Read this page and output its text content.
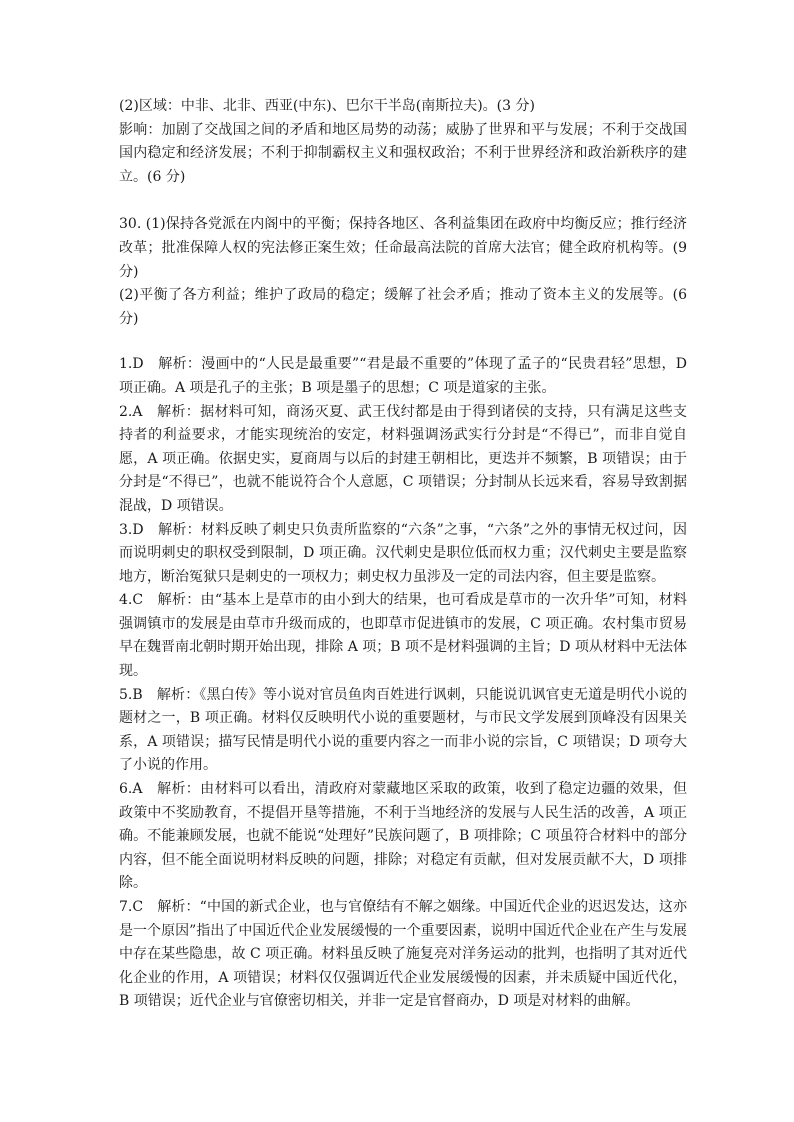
(2)区域：中非、北非、西亚(中东)、巴尔干半岛(南斯拉夫)。(3 分)

影响：加剧了交战国之间的矛盾和地区局势的动荡；威胁了世界和平与发展；不利于交战国国内稳定和经济发展；不利于抑制霸权主义和强权政治；不利于世界经济和政治新秩序的建立。(6 分)

30. (1)保持各党派在内阁中的平衡；保持各地区、各利益集团在政府中均衡反应；推行经济改革；批准保障人权的宪法修正案生效；任命最高法院的首席大法官；健全政府机构等。(9 分)

(2)平衡了各方利益；维护了政局的稳定；缓解了社会矛盾；推动了资本主义的发展等。(6 分)

1.D　解析：漫画中的“人民是最重要”“君是最不重要的”体现了孟子的“民贵君轻”思想，D 项正确。A 项是孔子的主张；B 项是墨子的思想；C 项是道家的主张。

2.A　解析：据材料可知，商汤灭夏、武王伐纣都是由于得到诸侯的支持，只有满足这些支持者的利益要求，才能实现统治的安定，材料强调汤武实行分封是“不得已”，而非自觉自愿，A 项正确。依据史实，夏商周与以后的封建王朝相比，更迭并不频繁，B 项错误；由于分封是“不得已”，也就不能说符合个人意愿，C 项错误；分封制从长远来看，容易导致割据混战，D 项错误。

3.D　解析：材料反映了刺史只负责所监察的“六条”之事，“六条”之外的事情无权过问，因而说明刺史的职权受到限制，D 项正确。汉代刺史是职位低而权力重；汉代刺史主要是监察地方，断治冤狱只是刺史的一项权力；刺史权力虽涉及一定的司法内容，但主要是监察。

4.C　解析：由“基本上是草市的由小到大的结果，也可看成是草市的一次升华”可知，材料强调镇市的发展是由草市升级而成的，也即草市促进镇市的发展，C 项正确。农村集市贸易早在魏晋南北朝时期开始出现，排除 A 项；B 项不是材料强调的主旨；D 项从材料中无法体现。

5.B　解析：《黑白传》等小说对官员鱼肉百姓进行讽刺，只能说讥讽官吏无道是明代小说的题材之一，B 项正确。材料仅反映明代小说的重要题材，与市民文学发展到顶峰没有因果关系，A 项错误；描写民情是明代小说的重要内容之一而非小说的宗旨，C 项错误；D 项夸大了小说的作用。

6.A　解析：由材料可以看出，清政府对蒙藏地区采取的政策，收到了稳定边疆的效果，但政策中不奖励教育，不提倡开垦等措施，不利于当地经济的发展与人民生活的改善，A 项正确。不能兼顾发展，也就不能说“处理好”民族问题了，B 项排除；C 项虽符合材料中的部分内容，但不能全面说明材料反映的问题，排除；对稳定有贡献，但对发展贡献不大，D 项排除。

7.C　解析：“中国的新式企业，也与官僚结有不解之姻缘。中国近代企业的迟迟发达，这亦是一个原因”指出了中国近代企业发展缓慢的一个重要因素，说明中国近代企业在产生与发展中存在某些隐患，故 C 项正确。材料虽反映了施复亮对洋务运动的批判，也指明了其对近代化企业的作用，A 项错误；材料仅仅强调近代企业发展缓慢的因素，并未质疑中国近代化，B 项错误；近代企业与官僚密切相关，并非一定是官督商办，D 项是对材料的曲解。
